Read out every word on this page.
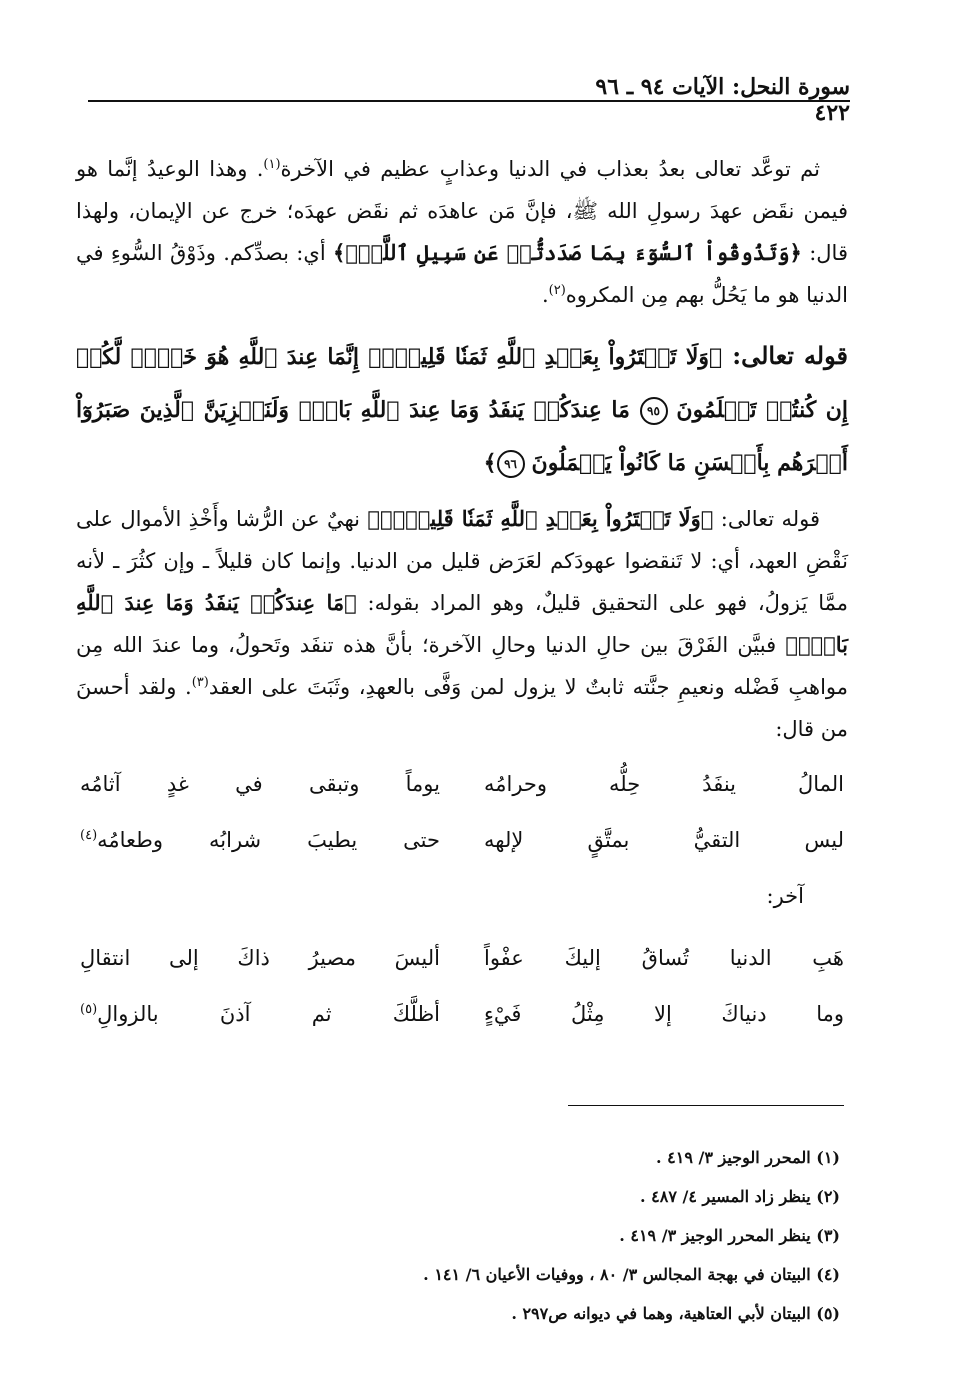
سورة النحل: الآيات ٩٤ ـ ٩٦
٤٢٢

ثم توعَّد تعالى بعدُ بعذاب في الدنيا وعذابٍ عظيم في الآخرة$^{(١)}$. وهذا الوعيدُ إنَّما هو فيمن نقَض عهدَ رسولِ الله ﷺ، فإنَّ مَن عاهدَه ثم نقَض عهدَه؛ خرج عن الإيمان، ولهذا قال: ﴿وَتَذُوقُواْ ٱلسُّوٓءَ بِمَا صَدَدتُّمۡ عَن سَبِيلِ ٱللَّهِۖ﴾ أي: بصدِّكم. وذَوْقُ السُّوءِ في الدنيا هو ما يَحُلُّ بهم مِن المكروه$^{(٢)}$.

قوله تعالى: ﴿وَلَا تَشۡتَرُواْ بِعَهۡدِ ٱللَّهِ ثَمَنٗا قَلِيلًاۚ إِنَّمَا عِندَ ٱللَّهِ هُوَ خَيۡرٞ لَّكُمۡ إِن كُنتُمۡ تَعۡلَمُونَ ٩٥ مَا عِندَكُمۡ يَنفَدُ وَمَا عِندَ ٱللَّهِ بَاقٖۗ وَلَنَجۡزِيَنَّ ٱلَّذِينَ صَبَرُوٓاْ أَجۡرَهُم بِأَحۡسَنِ مَا كَانُواْ يَعۡمَلُونَ ٩٦﴾

قوله تعالى: ﴿وَلَا تَشۡتَرُواْ بِعَهۡدِ ٱللَّهِ ثَمَنٗا قَلِيلًاۚ﴾ نهيٌ عن الرُّشا وأَخْذِ الأموال على نَقْضِ العهد، أي: لا تَنقضوا عهودَكم لعَرَض قليل من الدنيا. وإنما كان قليلاً ـ وإن كثُرَ ـ لأنه ممَّا يَزولُ، فهو على التحقيق قليلٌ، وهو المراد بقوله: ﴿مَا عِندَكُمۡ يَنفَدُ وَمَا عِندَ ٱللَّهِ بَاقٖۗ﴾ فبيَّن الفَرْقَ بين حالِ الدنيا وحالِ الآخرة؛ بأنَّ هذه تنفَد وتَحولُ، وما عندَ الله مِن مواهبِ فَضْله ونعيمِ جنَّته ثابتٌ لا يزول لمن وَفَّى بالعهدِ، وثَبَتَ على العقد$^{(٣)}$. ولقد أحسنَ من قال:

المالُ ينفَدُ حِلُّه وحرامُه
يوماً وتبقى في غدٍ آثامُه
ليس التقيُّ بمتَّقٍ لإلهه
حتى يطيبَ شرابُه وطعامُه$^{(٤)}$

آخر:

هَبِ الدنيا تُساقُ إليكَ عفْواً
أليسَ مصيرُ ذاكَ إلى انتقالِ
وما دنياكَ إلا مِثْلُ فَيْءٍ
أظلَّكَ ثم آذنَ بالزوالِ$^{(٥)}$

(١) المحرر الوجيز ٣/ ٤١٩ .

(٢) ينظر زاد المسير ٤/ ٤٨٧ .

(٣) ينظر المحرر الوجيز ٣/ ٤١٩ .

(٤) البيتان في بهجة المجالس ٣/ ٨٠ ، ووفيات الأعيان ٦/ ١٤١ .

(٥) البيتان لأبي العتاهية، وهما في ديوانه ص٢٩٧ .
